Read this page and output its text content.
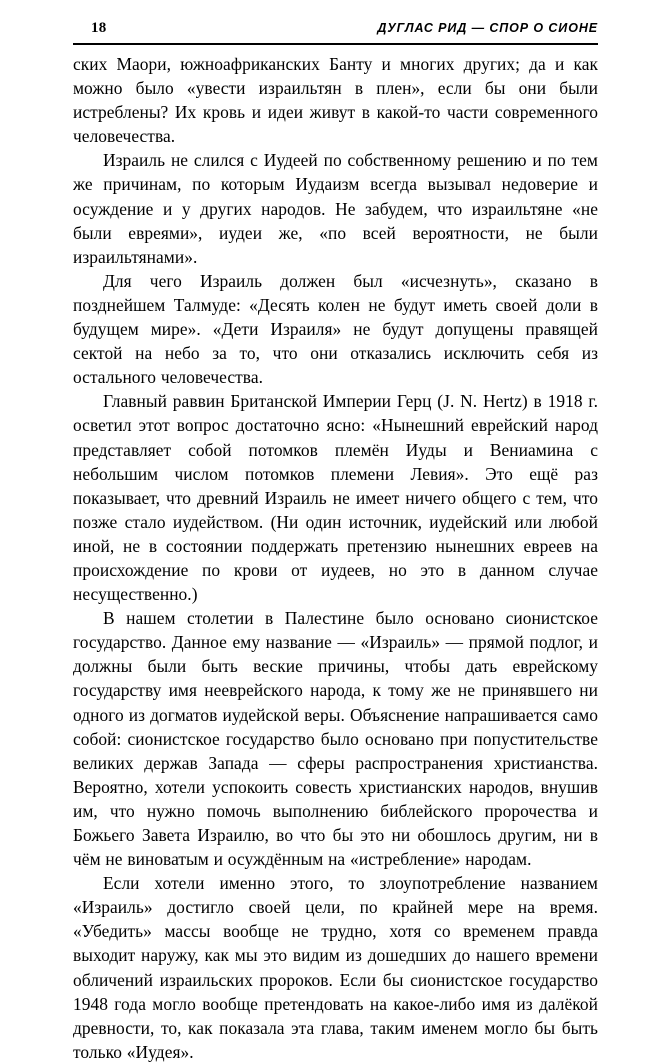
18	ДУГЛАС РИД — СПОР О СИОНЕ

ских Маори, южноафриканских Банту и многих других; да и как можно было «увести израильтян в плен», если бы они были истреблены? Их кровь и идеи живут в какой-то части современного человечества.

Израиль не слился с Иудеей по собственному решению и по тем же причинам, по которым Иудаизм всегда вызывал недоверие и осуждение и у других народов. Не забудем, что израильтяне «не были евреями», иудеи же, «по всей вероятности, не были израильтянами».

Для чего Израиль должен был «исчезнуть», сказано в позднейшем Талмуде: «Десять колен не будут иметь своей доли в будущем мире». «Дети Израиля» не будут допущены правящей сектой на небо за то, что они отказались исключить себя из остального человечества.

Главный раввин Британской Империи Герц (J. N. Hertz) в 1918 г. осветил этот вопрос достаточно ясно: «Нынешний еврейский народ представляет собой потомков племён Иуды и Вениамина с небольшим числом потомков племени Левия». Это ещё раз показывает, что древний Израиль не имеет ничего общего с тем, что позже стало иудейством. (Ни один источник, иудейский или любой иной, не в состоянии поддержать претензию нынешних евреев на происхождение по крови от иудеев, но это в данном случае несущественно.)

В нашем столетии в Палестине было основано сионистское государство. Данное ему название — «Израиль» — прямой подлог, и должны были быть веские причины, чтобы дать еврейскому государству имя нееврейского народа, к тому же не принявшего ни одного из догматов иудейской веры. Объяснение напрашивается само собой: сионистское государство было основано при попустительстве великих держав Запада — сферы распространения христианства. Вероятно, хотели успокоить совесть христианских народов, внушив им, что нужно помочь выполнению библейского пророчества и Божьего Завета Израилю, во что бы это ни обошлось другим, ни в чём не виноватым и осуждённым на «истребление» народам.

Если хотели именно этого, то злоупотребление названием «Израиль» достигло своей цели, по крайней мере на время. «Убедить» массы вообще не трудно, хотя со временем правда выходит наружу, как мы это видим из дошедших до нашего времени обличений израильских пророков. Если бы сионистское государство 1948 года могло вообще претендовать на какое-либо имя из далёкой древности, то, как показала эта глава, таким именем могло бы быть только «Иудея».
